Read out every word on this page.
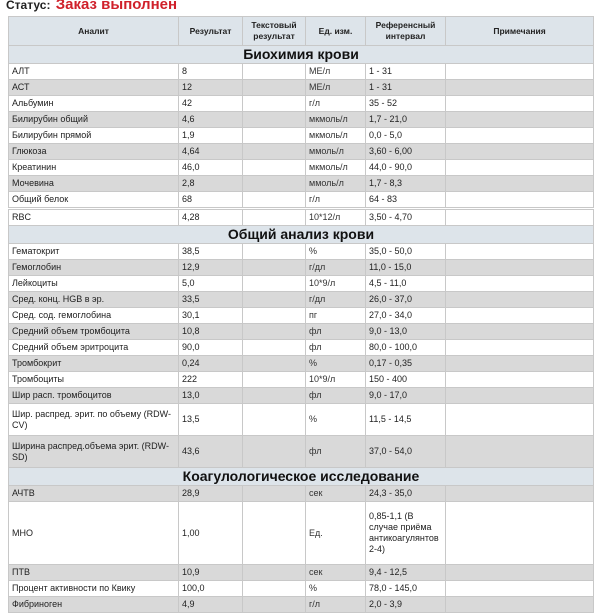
Статус: Заказ выполнен
Аналит	Результат	Текстовый результат	Ед. изм.	Референсный интервал	Примечания
Биохимия крови					
АЛТ	8		МЕ/л	1 - 31	
АСТ	12		МЕ/л	1 - 31	
Альбумин	42		г/л	35 - 52	
Билирубин общий	4,6		мкмоль/л	1,7 - 21,0	
Билирубин прямой	1,9		мкмоль/л	0,0 - 5,0	
Глюкоза	4,64		ммоль/л	3,60 - 6,00	
Креатинин	46,0		мкмоль/л	44,0 - 90,0	
Мочевина	2,8		ммоль/л	1,7 - 8,3	
Общий белок	68		г/л	64 - 83	
RBC	4,28		10*12/л	3,50 - 4,70	
Общий анализ крови					
Гематокрит	38,5		%	35,0 - 50,0	
Гемоглобин	12,9		г/дл	11,0 - 15,0	
Лейкоциты	5,0		10*9/л	4,5 - 11,0	
Сред. конц. HGB в эр.	33,5		г/дл	26,0 - 37,0	
Сред. сод. гемоглобина	30,1		пг	27,0 - 34,0	
Средний объем тромбоцита	10,8		фл	9,0 - 13,0	
Средний объем эритроцита	90,0		фл	80,0 - 100,0	
Тромбокрит	0,24		%	0,17 - 0,35	
Тромбоциты	222		10*9/л	150 - 400	
Шир расп. тромбоцитов	13,0		фл	9,0 - 17,0	
Шир. распред. эрит. по объему (RDW-CV)	13,5		%	11,5 - 14,5	
Ширина распред.объема эрит. (RDW-SD)	43,6		фл	37,0 - 54,0	
Коагулологическое исследование					
АЧТВ	28,9		сек	24,3 - 35,0	
МНО	1,00		Ед.	0,85-1,1 (В случае приёма антикоагулянтов 2-4)	
ПТВ	10,9		сек	9,4 - 12,5	
Процент активности по Квику	100,0		%	78,0 - 145,0	
Фибриноген	4,9		г/л	2,0 - 3,9	
